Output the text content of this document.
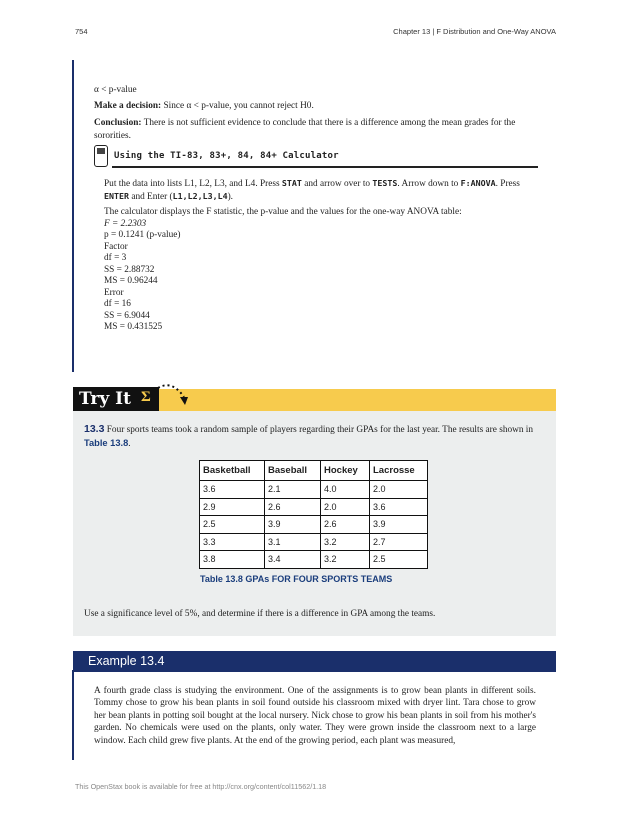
754	Chapter 13 | F Distribution and One-Way ANOVA
α < p-value
Make a decision: Since α < p-value, you cannot reject H0.
Conclusion: There is not sufficient evidence to conclude that there is a difference among the mean grades for the sororities.
Using the TI-83, 83+, 84, 84+ Calculator

Put the data into lists L1, L2, L3, and L4. Press STAT and arrow over to TESTS. Arrow down to F:ANOVA. Press ENTER and Enter (L1,L2,L3,L4).

The calculator displays the F statistic, the p-value and the values for the one-way ANOVA table:

F = 2.2303
p = 0.1241 (p-value)
Factor
df = 3
SS = 2.88732
MS = 0.96244
Error
df = 16
SS = 6.9044
MS = 0.431525
Try It Σ
13.3 Four sports teams took a random sample of players regarding their GPAs for the last year. The results are shown in Table 13.8.
Basketball	Baseball	Hockey	Lacrosse
3.6	2.1	4.0	2.0
2.9	2.6	2.0	3.6
2.5	3.9	2.6	3.9
3.3	3.1	3.2	2.7
3.8	3.4	3.2	2.5
Table 13.8 GPAs FOR FOUR SPORTS TEAMS
Use a significance level of 5%, and determine if there is a difference in GPA among the teams.
Example 13.4
A fourth grade class is studying the environment. One of the assignments is to grow bean plants in different soils. Tommy chose to grow his bean plants in soil found outside his classroom mixed with dryer lint. Tara chose to grow her bean plants in potting soil bought at the local nursery. Nick chose to grow his bean plants in soil from his mother's garden. No chemicals were used on the plants, only water. They were grown inside the classroom next to a large window. Each child grew five plants. At the end of the growing period, each plant was measured,
This OpenStax book is available for free at http://cnx.org/content/col11562/1.18
